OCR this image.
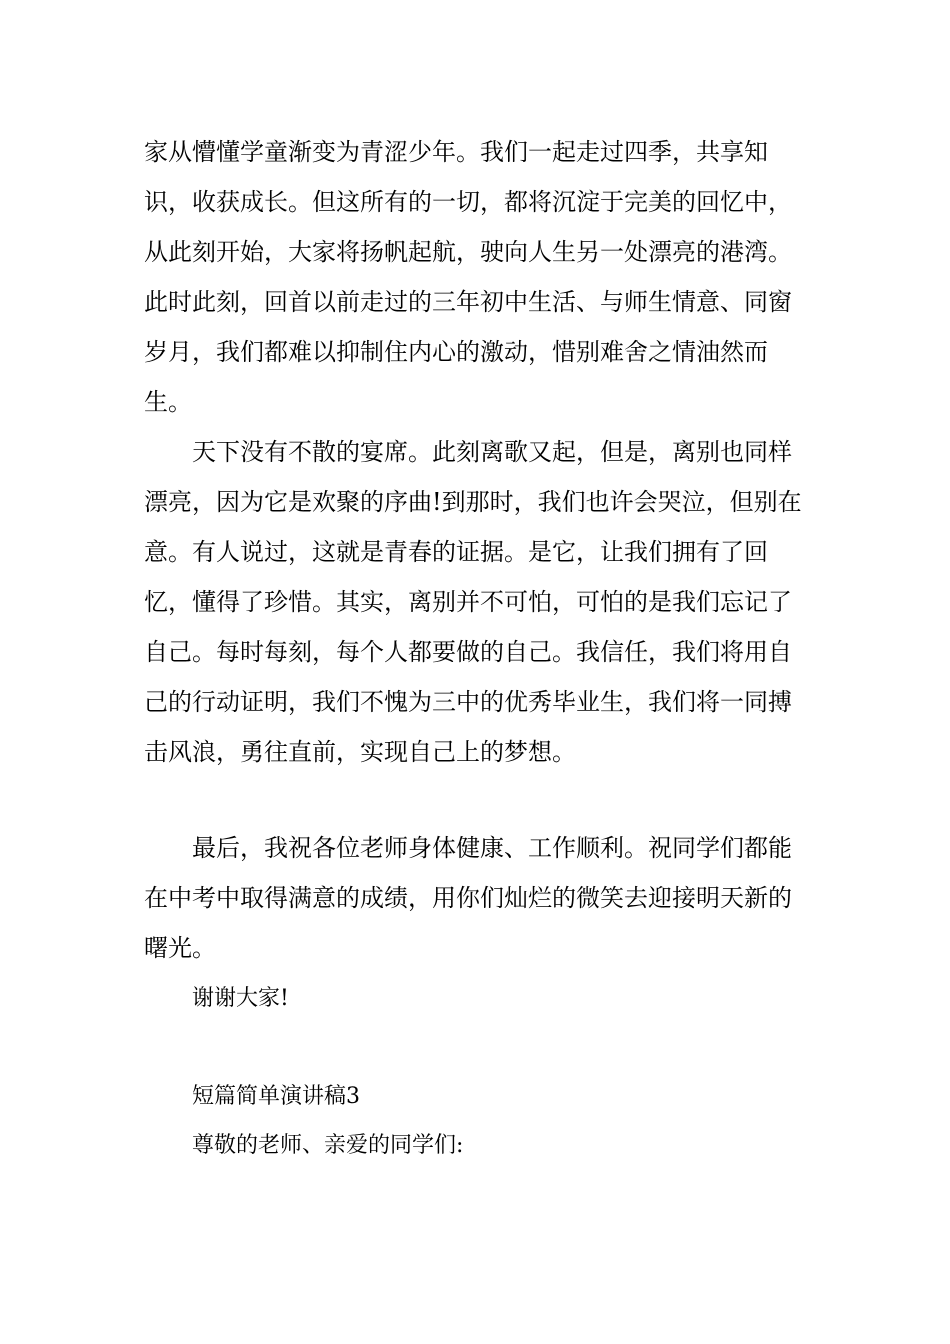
家从懵懂学童渐变为青涩少年。我们一起走过四季，共享知识，收获成长。但这所有的一切，都将沉淀于完美的回忆中，从此刻开始，大家将扬帆起航，驶向人生另一处漂亮的港湾。此时此刻，回首以前走过的三年初中生活、与师生情意、同窗岁月，我们都难以抑制住内心的激动，惜别难舍之情油然而生。

天下没有不散的宴席。此刻离歌又起，但是，离别也同样漂亮，因为它是欢聚的序曲!到那时，我们也许会哭泣，但别在意。有人说过，这就是青春的证据。是它，让我们拥有了回忆，懂得了珍惜。其实，离别并不可怕，可怕的是我们忘记了自己。每时每刻，每个人都要做的自己。我信任，我们将用自己的行动证明，我们不愧为三中的优秀毕业生，我们将一同搏击风浪，勇往直前，实现自己上的梦想。

最后，我祝各位老师身体健康、工作顺利。祝同学们都能在中考中取得满意的成绩，用你们灿烂的微笑去迎接明天新的曙光。

谢谢大家!

短篇简单演讲稿3

尊敬的老师、亲爱的同学们:
